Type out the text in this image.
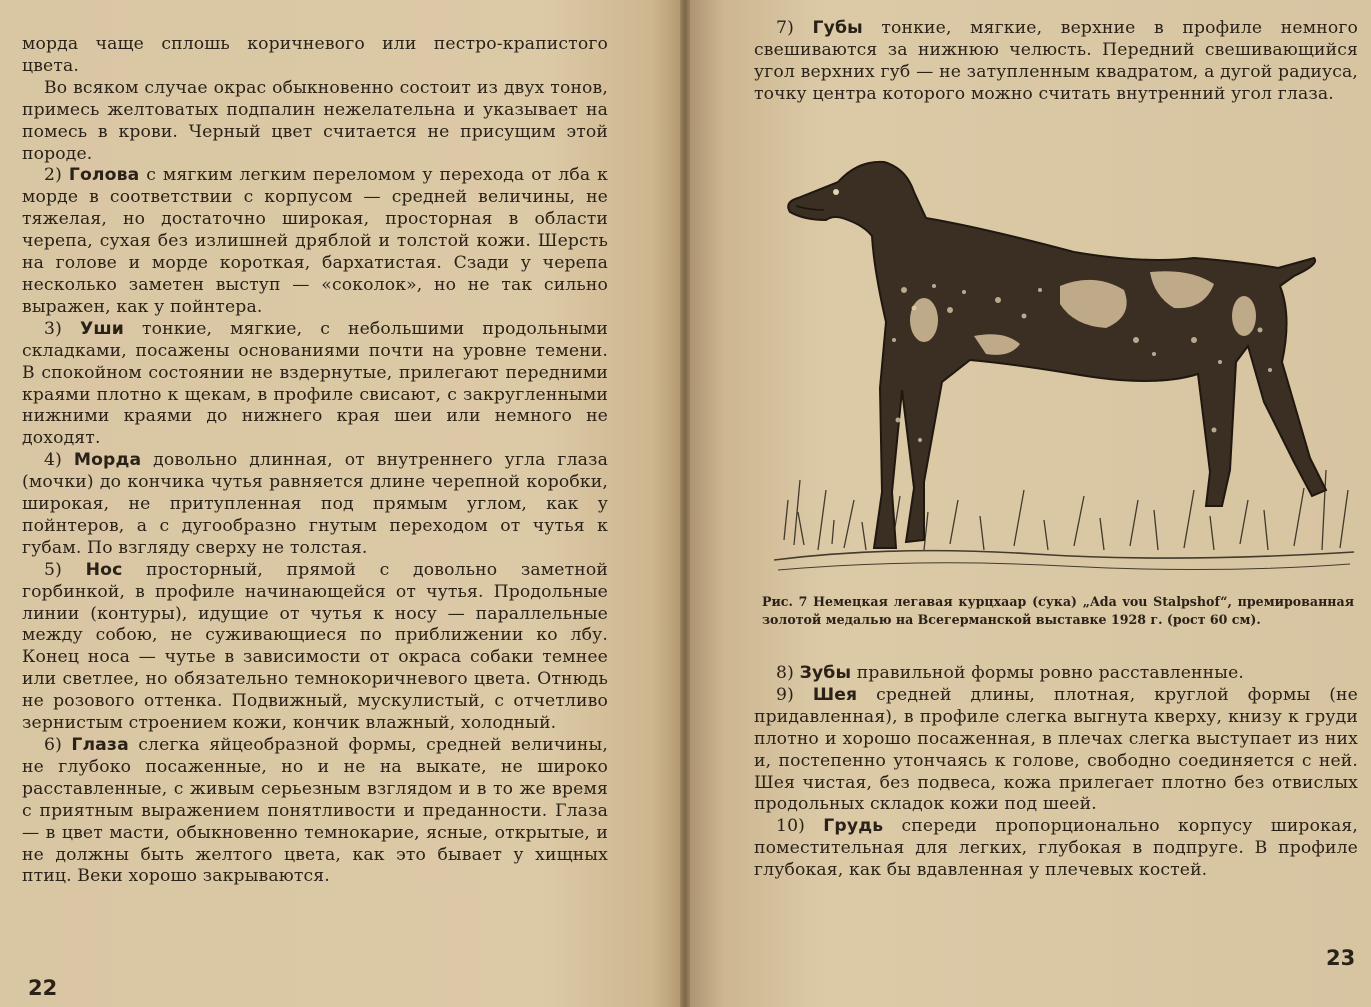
морда чаще сплошь коричневого или пестро-крапистого цвета.

Во всяком случае окрас обыкновенно состоит из двух тонов, примесь желтоватых подпалин нежелательна и указывает на помесь в крови. Черный цвет считается не присущим этой породе.

2) Голова с мягким легким переломом у перехода от лба к морде в соответствии с корпусом — средней величины, не тяжелая, но достаточно широкая, просторная в области черепа, сухая без излишней дряблой и толстой кожи. Шерсть на голове и морде короткая, бархатистая. Сзади у черепа несколько заметен выступ — «соколок», но не так сильно выражен, как у пойнтера.

3) Уши тонкие, мягкие, с небольшими продольными складками, посажены основаниями почти на уровне темени. В спокойном состоянии не вздернутые, прилегают передними краями плотно к щекам, в профиле свисают, с закругленными нижними краями до нижнего края шеи или немного не доходят.

4) Морда довольно длинная, от внутреннего угла глаза (мочки) до кончика чутья равняется длине черепной коробки, широкая, не притупленная под прямым углом, как у пойнтеров, а с дугообразно гнутым переходом от чутья к губам. По взгляду сверху не толстая.

5) Нос просторный, прямой с довольно заметной горбинкой, в профиле начинающейся от чутья. Продольные линии (контуры), идущие от чутья к носу — параллельные между собою, не суживающиеся по приближении ко лбу. Конец носа — чутье в зависимости от окраса собаки темнее или светлее, но обязательно темнокоричневого цвета. Отнюдь не розового оттенка. Подвижный, мускулистый, с отчетливо зернистым строением кожи, кончик влажный, холодный.

6) Глаза слегка яйцеобразной формы, средней величины, не глубоко посаженные, но и не на выкате, не широко расставленные, с живым серьезным взглядом и в то же время с приятным выражением понятливости и преданности. Глаза — в цвет масти, обыкновенно темнокарие, ясные, открытые, и не должны быть желтого цвета, как это бывает у хищных птиц. Веки хорошо закрываются.

22

7) Губы тонкие, мягкие, верхние в профиле немного свешиваются за нижнюю челюсть. Передний свешивающийся угол верхних губ — не затупленным квадратом, а дугой радиуса, точку центра которого можно считать внутренний угол глаза.

Рис. 7 Немецкая легавая курцхаар (сука) „Ada vou Stalpshof“, премированная золотой медалью на Всегерманской выставке 1928 г. (рост 60 см).

8) Зубы правильной формы ровно расставленные.

9) Шея средней длины, плотная, круглой формы (не придавленная), в профиле слегка выгнута кверху, книзу к груди плотно и хорошо посаженная, в плечах слегка выступает из них и, постепенно утончаясь к голове, свободно соединяется с ней. Шея чистая, без подвеса, кожа прилегает плотно без отвислых продольных складок кожи под шеей.

10) Грудь спереди пропорционально корпусу широкая, поместительная для легких, глубокая в подпруге. В профиле глубокая, как бы вдавленная у плечевых костей.

23
